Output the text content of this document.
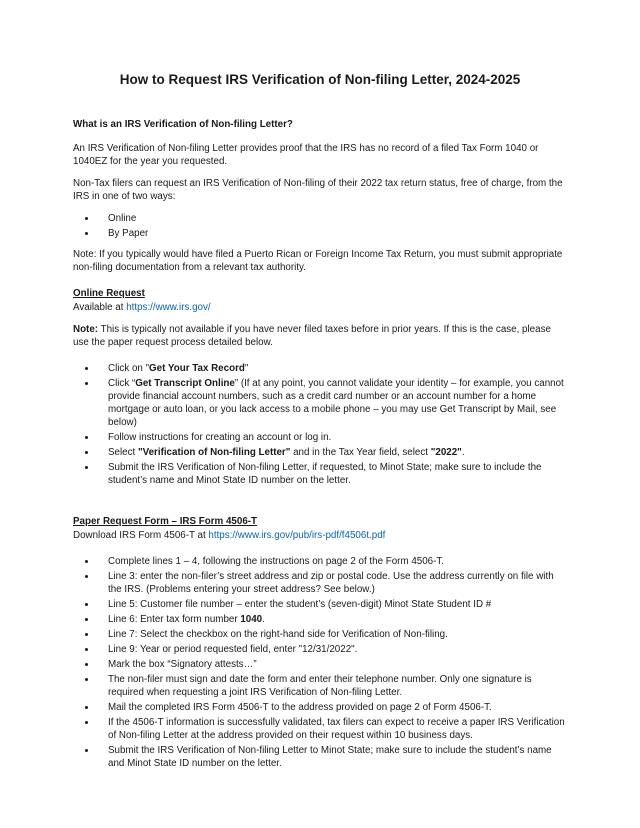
How to Request IRS Verification of Non-filing Letter, 2024-2025
What is an IRS Verification of Non-filing Letter?

An IRS Verification of Non-filing Letter provides proof that the IRS has no record of a filed Tax Form 1040 or 1040EZ for the year you requested.

Non-Tax filers can request an IRS Verification of Non-filing of their 2022 tax return status, free of charge, from the IRS in one of two ways:

• Online
• By Paper

Note: If you typically would have filed a Puerto Rican or Foreign Income Tax Return, you must submit appropriate non-filing documentation from a relevant tax authority.

Online Request

Available at https://www.irs.gov/

Note: This is typically not available if you have never filed taxes before in prior years. If this is the case, please use the paper request process detailed below.

• Click on "Get Your Tax Record"
• Click “Get Transcript Online” (If at any point, you cannot validate your identity – for example, you cannot provide financial account numbers, such as a credit card number or an account number for a home mortgage or auto loan, or you lack access to a mobile phone – you may use Get Transcript by Mail, see below)
• Follow instructions for creating an account or log in.
• Select "Verification of Non-filing Letter" and in the Tax Year field, select "2022".
• Submit the IRS Verification of Non-filing Letter, if requested, to Minot State; make sure to include the student’s name and Minot State ID number on the letter.
Paper Request Form – IRS Form 4506-T

Download IRS Form 4506-T at https://www.irs.gov/pub/irs-pdf/f4506t.pdf

• Complete lines 1 – 4, following the instructions on page 2 of the Form 4506-T.
• Line 3: enter the non-filer’s street address and zip or postal code. Use the address currently on file with the IRS. (Problems entering your street address? See below.)
• Line 5: Customer file number – enter the student’s (seven-digit) Minot State Student ID #
• Line 6: Enter tax form number 1040.
• Line 7: Select the checkbox on the right-hand side for Verification of Non-filing.
• Line 9: Year or period requested field, enter "12/31/2022".
• Mark the box “Signatory attests…”
• The non-filer must sign and date the form and enter their telephone number. Only one signature is required when requesting a joint IRS Verification of Non-filing Letter.
• Mail the completed IRS Form 4506-T to the address provided on page 2 of Form 4506-T.
• If the 4506-T information is successfully validated, tax filers can expect to receive a paper IRS Verification of Non-filing Letter at the address provided on their request within 10 business days.
• Submit the IRS Verification of Non-filing Letter to Minot State; make sure to include the student’s name and Minot State ID number on the letter.
